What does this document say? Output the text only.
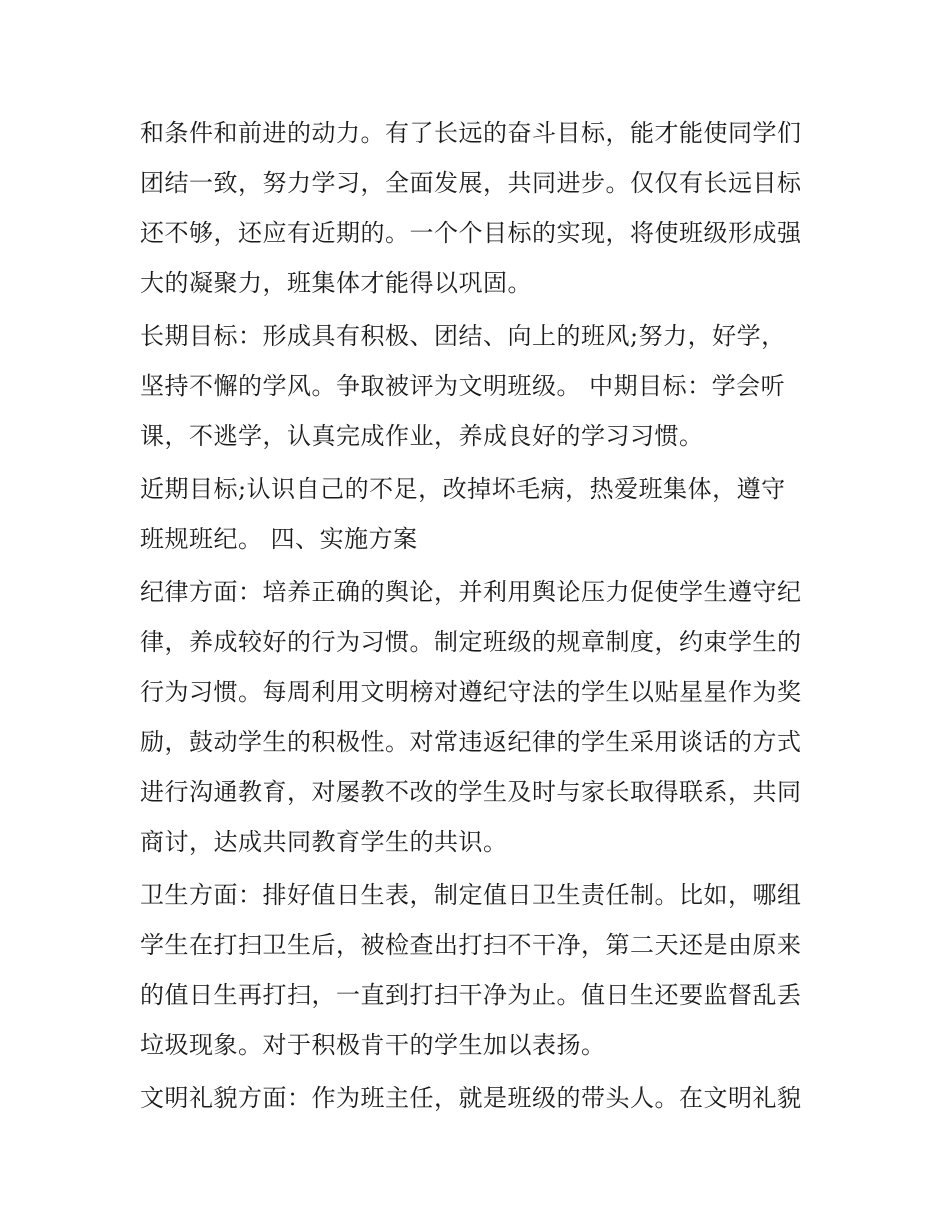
和条件和前进的动力。有了长远的奋斗目标，能才能使同学们
团结一致，努力学习，全面发展，共同进步。仅仅有长远目标
还不够，还应有近期的。一个个目标的实现，将使班级形成强
大的凝聚力，班集体才能得以巩固。
长期目标：形成具有积极、团结、向上的班风;努力，好学，
坚持不懈的学风。争取被评为文明班级。 中期目标：学会听
课，不逃学，认真完成作业，养成良好的学习习惯。
近期目标;认识自己的不足，改掉坏毛病，热爱班集体，遵守
班规班纪。 四、实施方案
纪律方面：培养正确的舆论，并利用舆论压力促使学生遵守纪
律，养成较好的行为习惯。制定班级的规章制度，约束学生的
行为习惯。每周利用文明榜对遵纪守法的学生以贴星星作为奖
励，鼓动学生的积极性。对常违返纪律的学生采用谈话的方式
进行沟通教育，对屡教不改的学生及时与家长取得联系，共同
商讨，达成共同教育学生的共识。
卫生方面：排好值日生表，制定值日卫生责任制。比如，哪组
学生在打扫卫生后，被检查出打扫不干净，第二天还是由原来
的值日生再打扫，一直到打扫干净为止。值日生还要监督乱丢
垃圾现象。对于积极肯干的学生加以表扬。
文明礼貌方面：作为班主任，就是班级的带头人。在文明礼貌
